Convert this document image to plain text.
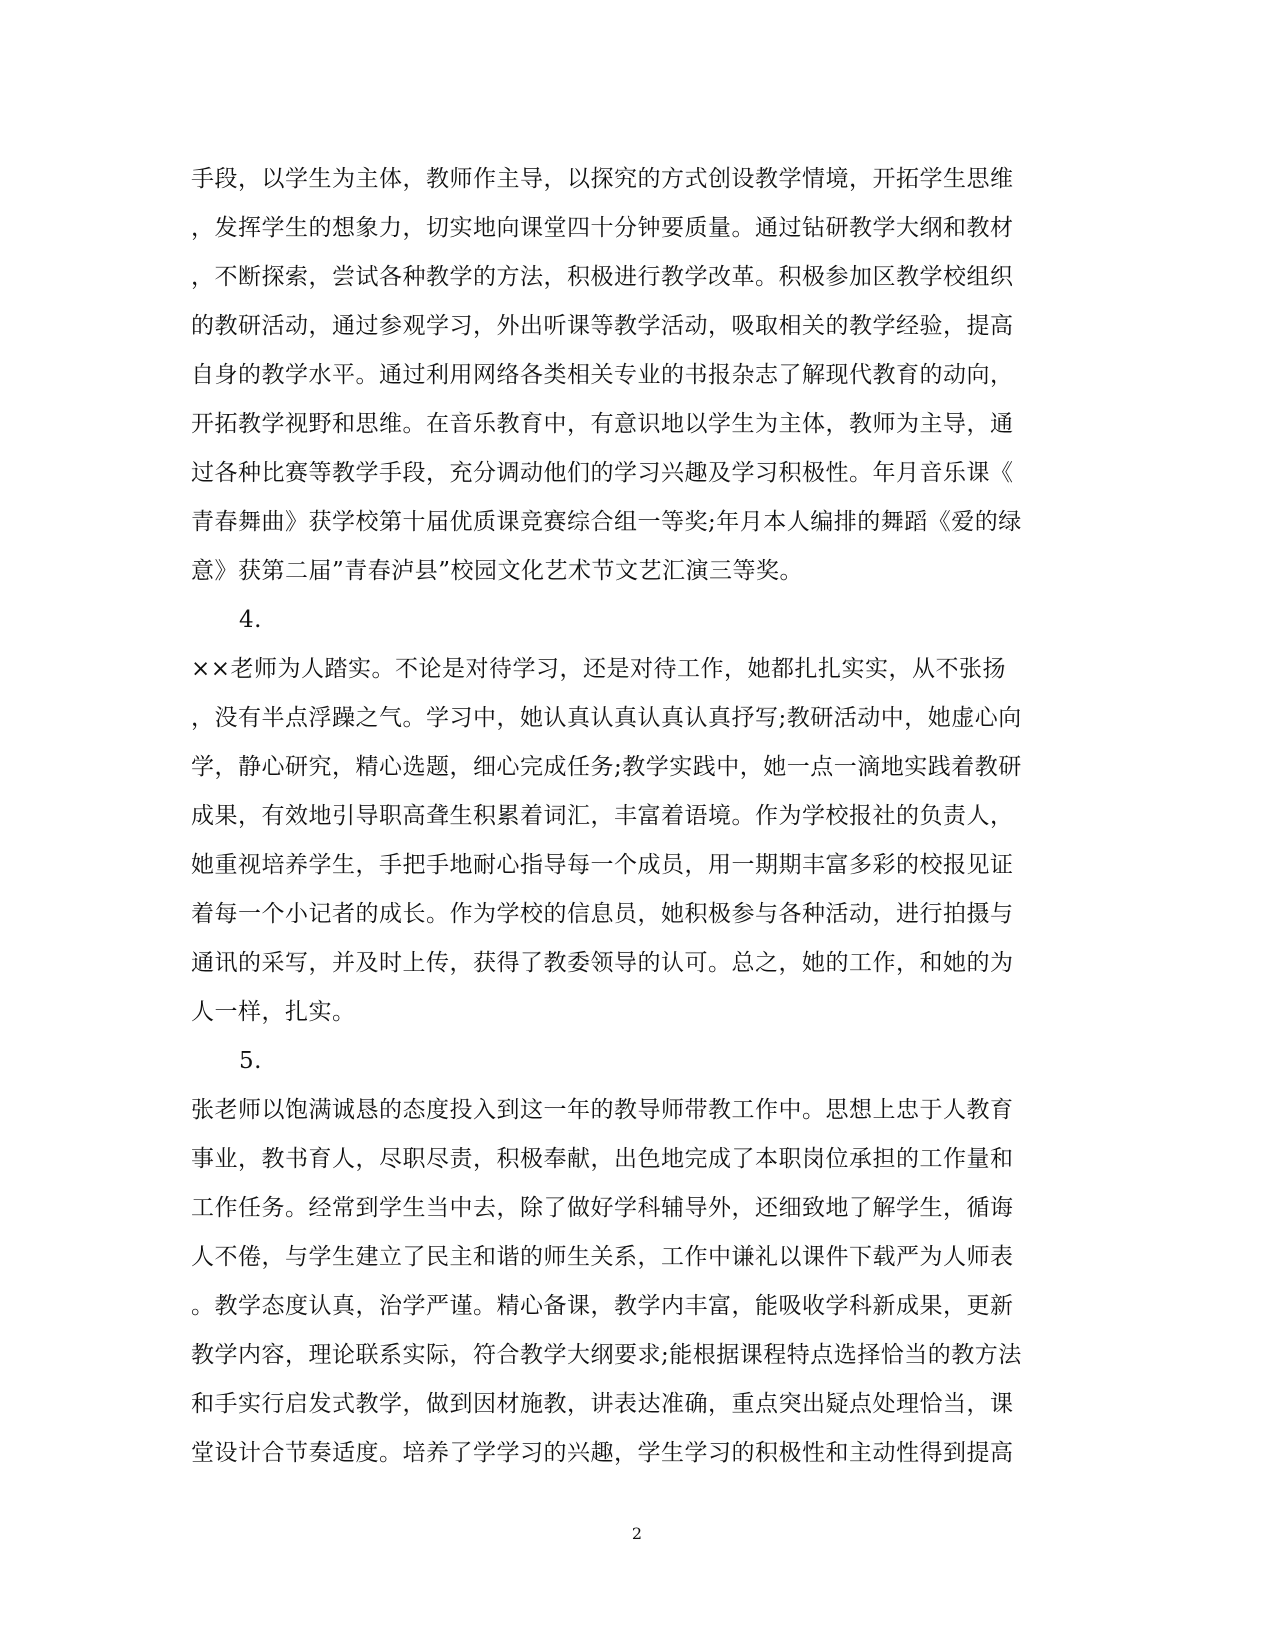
手段，以学生为主体，教师作主导，以探究的方式创设教学情境，开拓学生思维
，发挥学生的想象力，切实地向课堂四十分钟要质量。通过钻研教学大纲和教材
，不断探索，尝试各种教学的方法，积极进行教学改革。积极参加区教学校组织
的教研活动，通过参观学习，外出听课等教学活动，吸取相关的教学经验，提高
自身的教学水平。通过利用网络各类相关专业的书报杂志了解现代教育的动向，
开拓教学视野和思维。在音乐教育中，有意识地以学生为主体，教师为主导，通
过各种比赛等教学手段，充分调动他们的学习兴趣及学习积极性。年月音乐课《
青春舞曲》获学校第十届优质课竞赛综合组一等奖;年月本人编排的舞蹈《爱的绿
意》获第二届”青春泸县”校园文化艺术节文艺汇演三等奖。
4.
××老师为人踏实。不论是对待学习，还是对待工作，她都扎扎实实，从不张扬
，没有半点浮躁之气。学习中，她认真认真认真认真抒写;教研活动中，她虚心向
学，静心研究，精心选题，细心完成任务;教学实践中，她一点一滴地实践着教研
成果，有效地引导职高聋生积累着词汇，丰富着语境。作为学校报社的负责人，
她重视培养学生，手把手地耐心指导每一个成员，用一期期丰富多彩的校报见证
着每一个小记者的成长。作为学校的信息员，她积极参与各种活动，进行拍摄与
通讯的采写，并及时上传，获得了教委领导的认可。总之，她的工作，和她的为
人一样，扎实。
5.
张老师以饱满诚恳的态度投入到这一年的教导师带教工作中。思想上忠于人教育
事业，教书育人，尽职尽责，积极奉献，出色地完成了本职岗位承担的工作量和
工作任务。经常到学生当中去，除了做好学科辅导外，还细致地了解学生，循诲
人不倦，与学生建立了民主和谐的师生关系，工作中谦礼以课件下载严为人师表
。教学态度认真，治学严谨。精心备课，教学内丰富，能吸收学科新成果，更新
教学内容，理论联系实际，符合教学大纲要求;能根据课程特点选择恰当的教方法
和手实行启发式教学，做到因材施教，讲表达准确，重点突出疑点处理恰当，课
堂设计合节奏适度。培养了学学习的兴趣，学生学习的积极性和主动性得到提高
2
